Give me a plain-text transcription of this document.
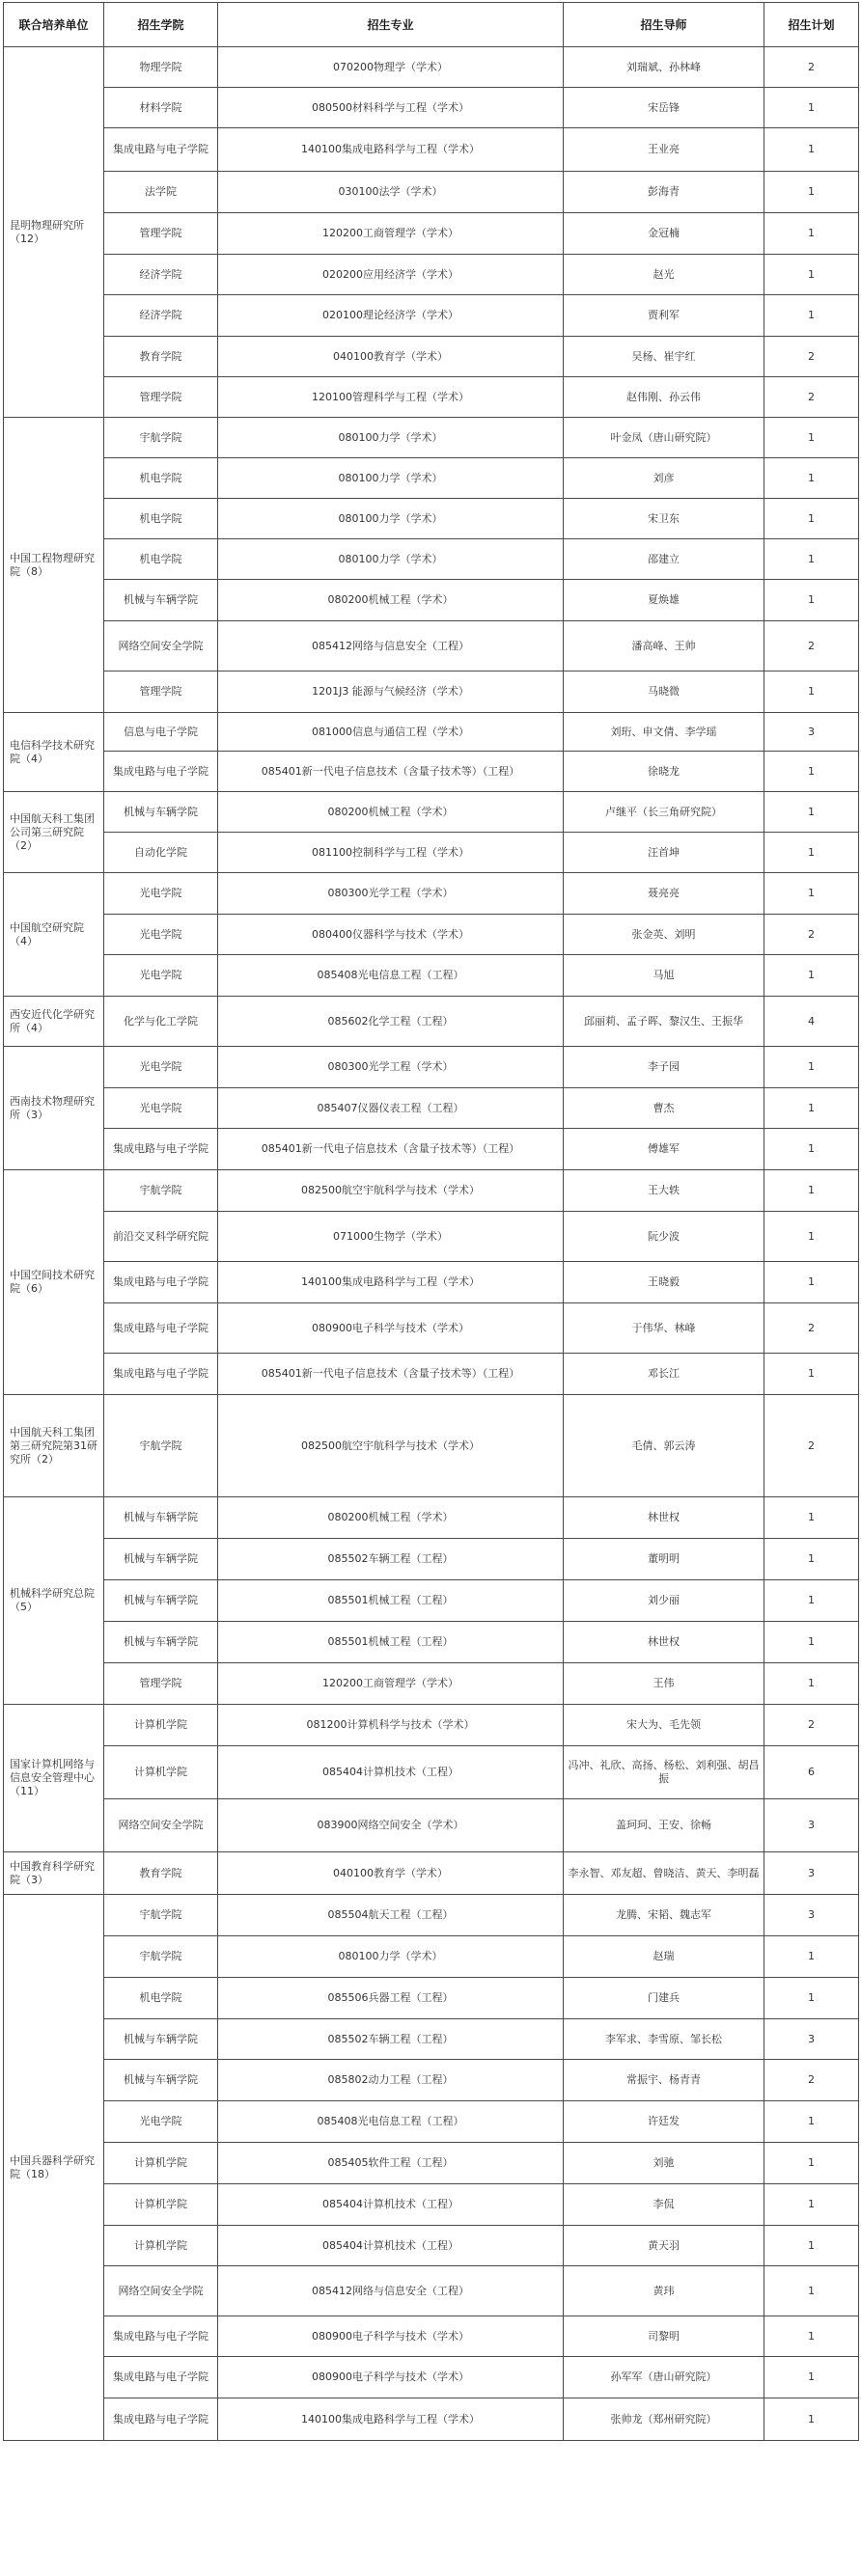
联合培养单位	招生学院	招生专业	招生导师	招生计划
昆明物理研究所（12）	物理学院	070200物理学（学术）	刘瑞斌、孙林峰	2
	材料学院	080500材料科学与工程（学术）	宋岳锋	1
	集成电路与电子学院	140100集成电路科学与工程（学术）	王业亮	1
	法学院	030100法学（学术）	彭海青	1
	管理学院	120200工商管理学（学术）	金冠楠	1
	经济学院	020200应用经济学（学术）	赵光	1
	经济学院	020100理论经济学（学术）	贾利军	1
	教育学院	040100教育学（学术）	吴杨、崔宇红	2
	管理学院	120100管理科学与工程（学术）	赵伟刚、孙云伟	2
中国工程物理研究院（8）	宇航学院	080100力学（学术）	叶金凤（唐山研究院）	1
	机电学院	080100力学（学术）	刘彦	1
	机电学院	080100力学（学术）	宋卫东	1
	机电学院	080100力学（学术）	邵建立	1
	机械与车辆学院	080200机械工程（学术）	夏焕雄	1
	网络空间安全学院	085412网络与信息安全（工程）	潘高峰、王帅	2
	管理学院	1201J3 能源与气候经济（学术）	马晓微	1
电信科学技术研究院（4）	信息与电子学院	081000信息与通信工程（学术）	刘珩、申文倩、李学瑶	3
	集成电路与电子学院	085401新一代电子信息技术（含量子技术等）（工程）	徐晓龙	1
中国航天科工集团公司第三研究院（2）	机械与车辆学院	080200机械工程（学术）	卢继平（长三角研究院）	1
	自动化学院	081100控制科学与工程（学术）	汪首坤	1
中国航空研究院（4）	光电学院	080300光学工程（学术）	聂亮亮	1
	光电学院	080400仪器科学与技术（学术）	张金英、刘明	2
	光电学院	085408光电信息工程（工程）	马旭	1
西安近代化学研究所（4）	化学与化工学院	085602化学工程（工程）	邱丽莉、孟子晖、黎汉生、王振华	4
西南技术物理研究所（3）	光电学院	080300光学工程（学术）	李子园	1
	光电学院	085407仪器仪表工程（工程）	曹杰	1
	集成电路与电子学院	085401新一代电子信息技术（含量子技术等）（工程）	傅雄军	1
中国空间技术研究院（6）	宇航学院	082500航空宇航科学与技术（学术）	王大轶	1
	前沿交叉科学研究院	071000生物学（学术）	阮少波	1
	集成电路与电子学院	140100集成电路科学与工程（学术）	王晓毅	1
	集成电路与电子学院	080900电子科学与技术（学术）	于伟华、林峰	2
	集成电路与电子学院	085401新一代电子信息技术（含量子技术等）（工程）	邓长江	1
中国航天科工集团第三研究院第31研究所（2）	宇航学院	082500航空宇航科学与技术（学术）	毛倩、郭云涛	2
机械科学研究总院（5）	机械与车辆学院	080200机械工程（学术）	林世权	1
	机械与车辆学院	085502车辆工程（工程）	董明明	1
	机械与车辆学院	085501机械工程（工程）	刘少丽	1
	机械与车辆学院	085501机械工程（工程）	林世权	1
	管理学院	120200工商管理学（学术）	王伟	1
国家计算机网络与信息安全管理中心（11）	计算机学院	081200计算机科学与技术（学术）	宋大为、毛先领	2
	计算机学院	085404计算机技术（工程）	冯冲、礼欣、高扬、杨松、刘利强、胡昌振	6
	网络空间安全学院	083900网络空间安全（学术）	盖珂珂、王安、徐畅	3
中国教育科学研究院（3）	教育学院	040100教育学（学术）	李永智、邓友超、曾晓洁、黄天、李明磊	3
中国兵器科学研究院（18）	宇航学院	085504航天工程（工程）	龙腾、宋韬、魏志军	3
	宇航学院	080100力学（学术）	赵瑞	1
	机电学院	085506兵器工程（工程）	门建兵	1
	机械与车辆学院	085502车辆工程（工程）	李军求、李雪原、邹长松	3
	机械与车辆学院	085802动力工程（工程）	常振宇、杨青青	2
	光电学院	085408光电信息工程（工程）	许廷发	1
	计算机学院	085405软件工程（工程）	刘驰	1
	计算机学院	085404计算机技术（工程）	李侃	1
	计算机学院	085404计算机技术（工程）	黄天羽	1
	网络空间安全学院	085412网络与信息安全（工程）	黄玮	1
	集成电路与电子学院	080900电子科学与技术（学术）	司黎明	1
	集成电路与电子学院	080900电子科学与技术（学术）	孙军军（唐山研究院）	1
	集成电路与电子学院	140100集成电路科学与工程（学术）	张帅龙（郑州研究院）	1
